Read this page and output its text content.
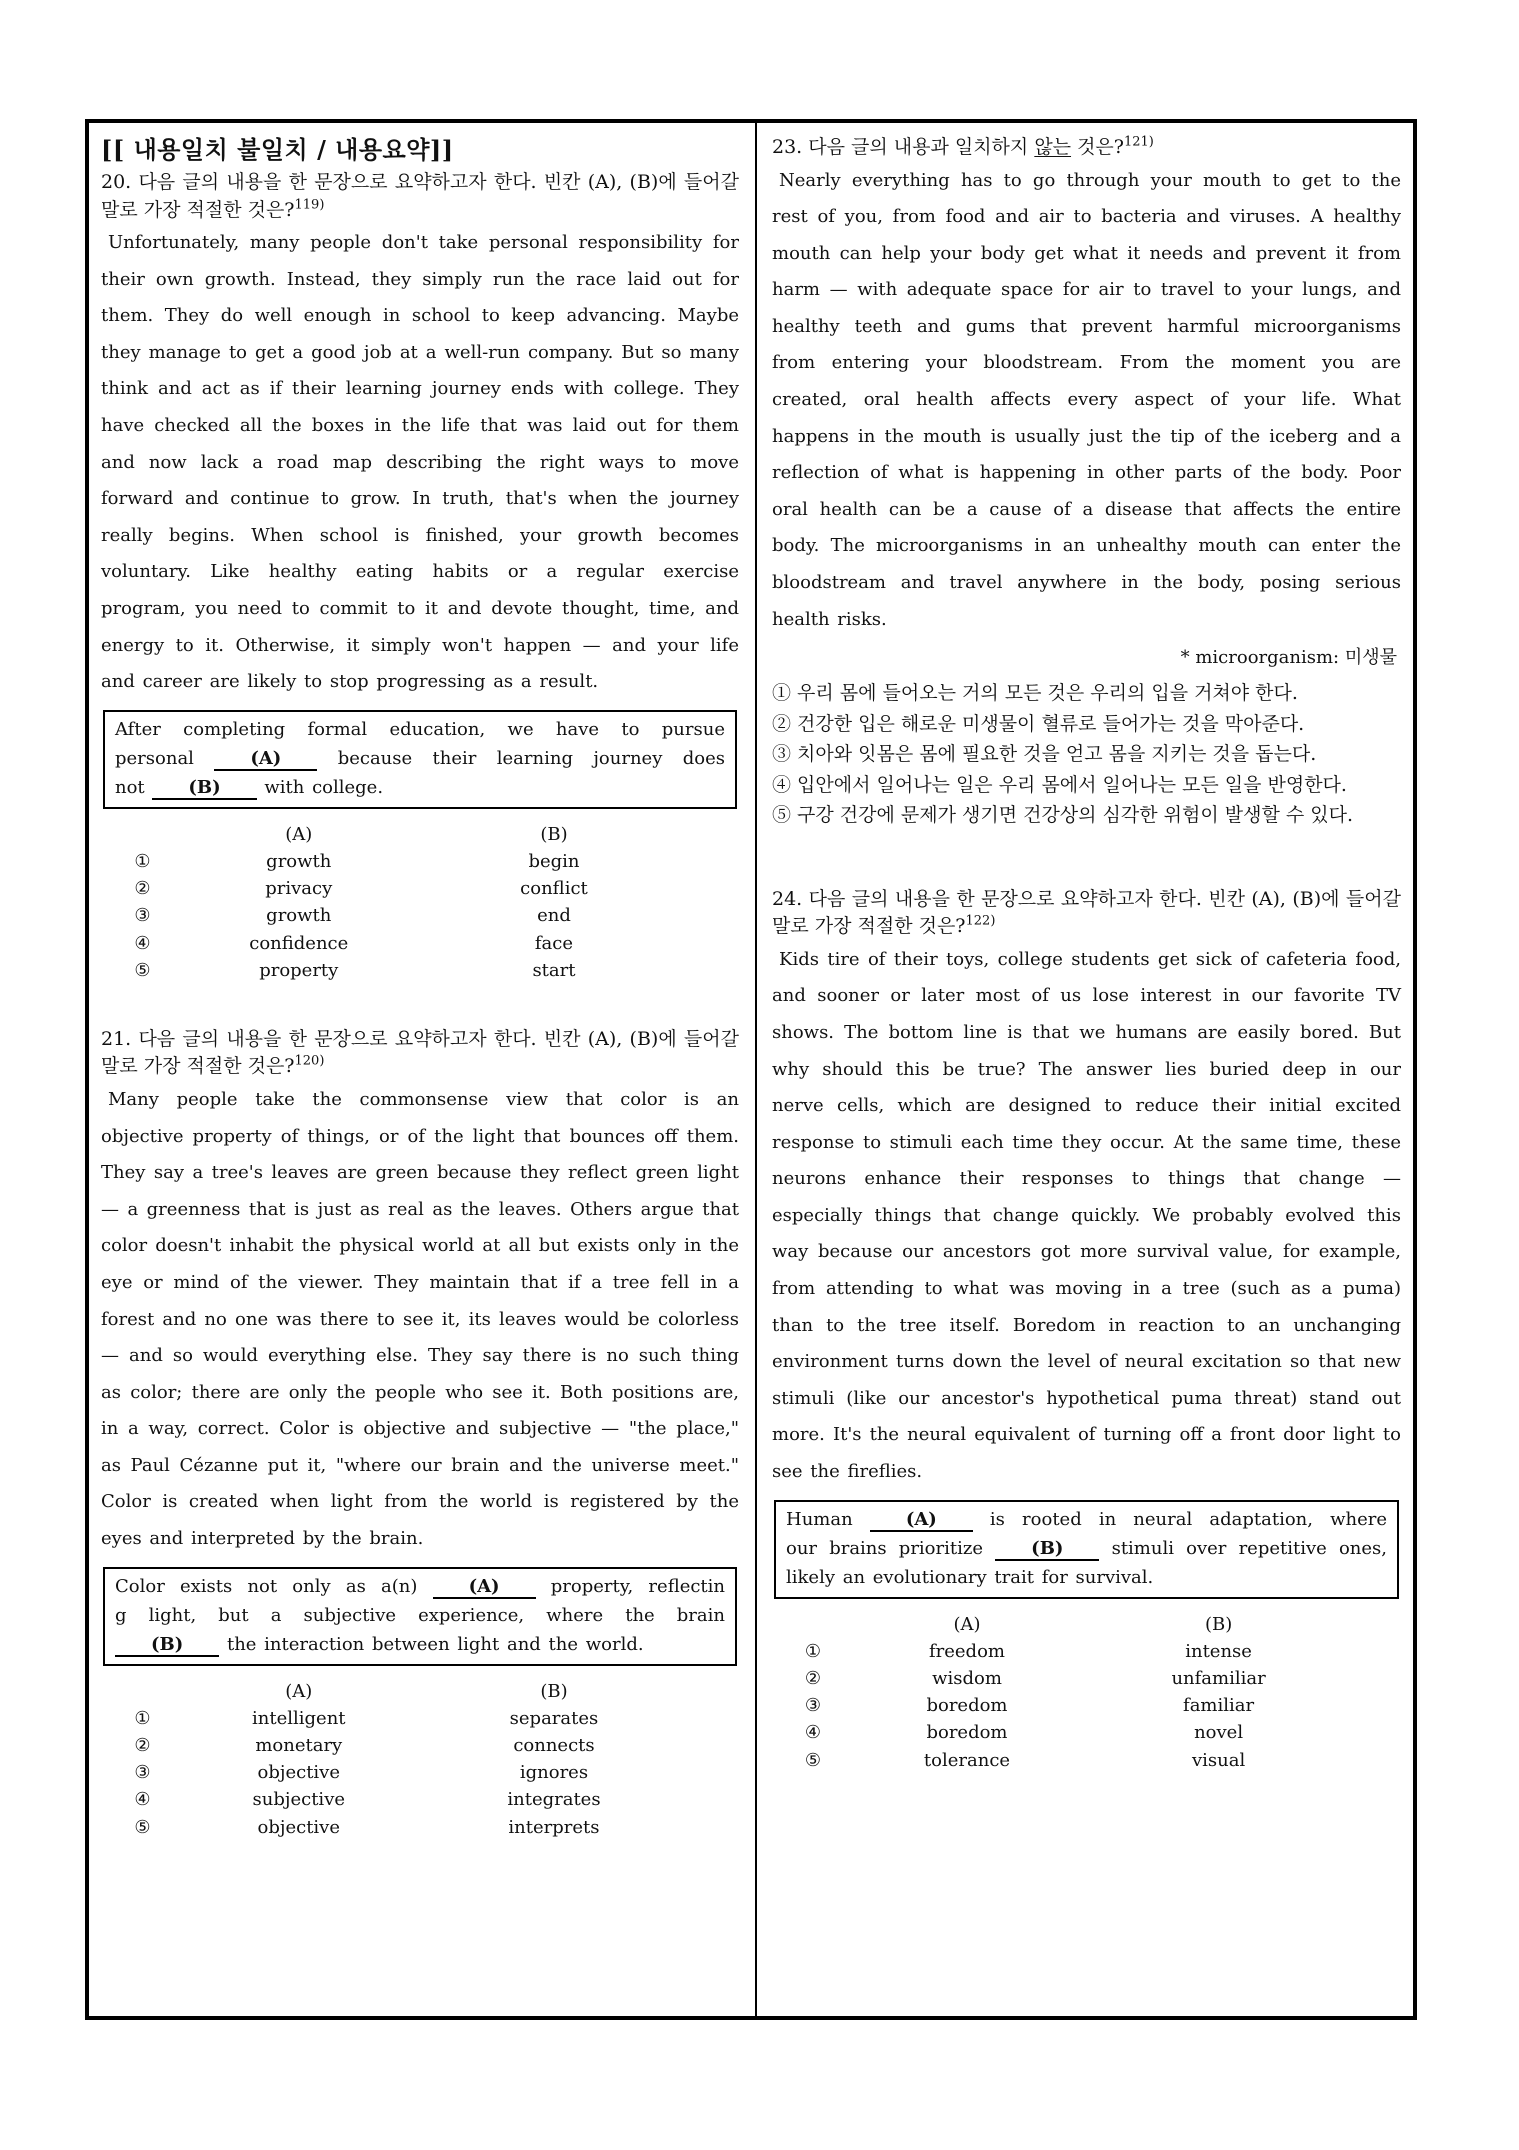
[[ 내용일치 불일치 / 내용요약]]
20. 다음 글의 내용을 한 문장으로 요약하고자 한다. 빈칸 (A), (B)에 들어갈 말로 가장 적절한 것은?$^{119)}$

Unfortunately, many people don't take personal responsibility for their own growth. Instead, they simply run the race laid out for them. They do well enough in school to keep advancing. Maybe they manage to get a good job at a well-run company. But so many think and act as if their learning journey ends with college. They have checked all the boxes in the life that was laid out for them and now lack a road map describing the right ways to move forward and continue to grow. In truth, that's when the journey really begins. When school is finished, your growth becomes voluntary. Like healthy eating habits or a regular exercise program, you need to commit to it and devote thought, time, and energy to it. Otherwise, it simply won't happen — and your life and career are likely to stop progressing as a result.

After completing formal education, we have to pursue
personal (A) because their learning journey does
not (B) with college.
(A)	(B)
①	growth	begin
②	privacy	conflict
③	growth	end
④	confidence	face
⑤	property	start
21. 다음 글의 내용을 한 문장으로 요약하고자 한다. 빈칸 (A), (B)에 들어갈 말로 가장 적절한 것은?$^{120)}$

Many people take the commonsense view that color is an objective property of things, or of the light that bounces off them. They say a tree's leaves are green because they reflect green light — a greenness that is just as real as the leaves. Others argue that color doesn't inhabit the physical world at all but exists only in the eye or mind of the viewer. They maintain that if a tree fell in a forest and no one was there to see it, its leaves would be colorless — and so would everything else. They say there is no such thing as color; there are only the people who see it. Both positions are, in a way, correct. Color is objective and subjective — "the place," as Paul Cézanne put it, "where our brain and the universe meet." Color is created when light from the world is registered by the eyes and interpreted by the brain.

Color exists not only as a(n) (A) property, reflectin
g light, but a subjective experience, where the brain
(B) the interaction between light and the world.
(A)	(B)
①	intelligent	separates
②	monetary	connects
③	objective	ignores
④	subjective	integrates
⑤	objective	interprets
23. 다음 글의 내용과 일치하지 않는 것은?$^{121)}$

Nearly everything has to go through your mouth to get to the rest of you, from food and air to bacteria and viruses. A healthy mouth can help your body get what it needs and prevent it from harm — with adequate space for air to travel to your lungs, and healthy teeth and gums that prevent harmful microorganisms from entering your bloodstream. From the moment you are created, oral health affects every aspect of your life. What happens in the mouth is usually just the tip of the iceberg and a reflection of what is happening in other parts of the body. Poor oral health can be a cause of a disease that affects the entire body. The microorganisms in an unhealthy mouth can enter the bloodstream and travel anywhere in the body, posing serious health risks.

* microorganism: 미생물
① 우리 몸에 들어오는 거의 모든 것은 우리의 입을 거쳐야 한다.
② 건강한 입은 해로운 미생물이 혈류로 들어가는 것을 막아준다.
③ 치아와 잇몸은 몸에 필요한 것을 얻고 몸을 지키는 것을 돕는다.
④ 입안에서 일어나는 일은 우리 몸에서 일어나는 모든 일을 반영한다.
⑤ 구강 건강에 문제가 생기면 건강상의 심각한 위험이 발생할 수 있다.
24. 다음 글의 내용을 한 문장으로 요약하고자 한다. 빈칸 (A), (B)에 들어갈 말로 가장 적절한 것은?$^{122)}$

Kids tire of their toys, college students get sick of cafeteria food, and sooner or later most of us lose interest in our favorite TV shows. The bottom line is that we humans are easily bored. But why should this be true? The answer lies buried deep in our nerve cells, which are designed to reduce their initial excited response to stimuli each time they occur. At the same time, these neurons enhance their responses to things that change — especially things that change quickly. We probably evolved this way because our ancestors got more survival value, for example, from attending to what was moving in a tree (such as a puma) than to the tree itself. Boredom in reaction to an unchanging environment turns down the level of neural excitation so that new stimuli (like our ancestor's hypothetical puma threat) stand out more. It's the neural equivalent of turning off a front door light to see the fireflies.

Human (A) is rooted in neural adaptation, where
our brains prioritize (B) stimuli over repetitive ones,
likely an evolutionary trait for survival.
(A)	(B)
①	freedom	intense
②	wisdom	unfamiliar
③	boredom	familiar
④	boredom	novel
⑤	tolerance	visual
